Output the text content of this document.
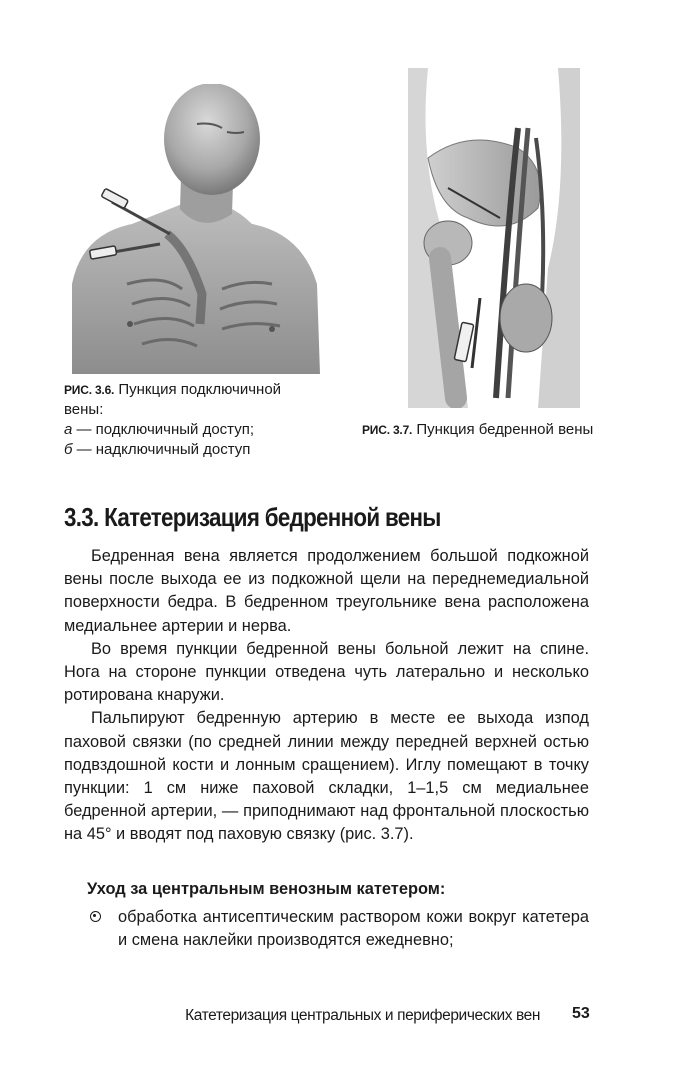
РИС. 3.6. Пункция подключичной вены:
а — подключичный доступ;
б — надключичный доступ
РИС. 3.7. Пункция бедренной вены
3.3. Катетеризация бедренной вены

Бедренная вена является продолжением большой подкожной вены после выхода ее из подкожной щели на переднемедиальной поверхности бедра. В бедренном треугольнике вена расположена медиальнее артерии и нерва.

Во время пункции бедренной вены больной лежит на спине. Нога на стороне пункции отведена чуть латерально и несколько ротирована кнаружи.

Пальпируют бедренную артерию в месте ее выхода изпод паховой связки (по средней линии между передней верхней остью подвздошной кости и лонным сращением). Иглу помещают в точку пункции: 1 см ниже паховой складки, 1–1,5 см медиальнее бедренной артерии, — приподнимают над фронтальной плоскостью на 45° и вводят под паховую связку (рис. 3.7).

Уход за центральным венозным катетером:

обработка антисептическим раствором кожи вокруг катетера и смена наклейки производятся ежедневно;
Катетеризация центральных и периферических вен 53
